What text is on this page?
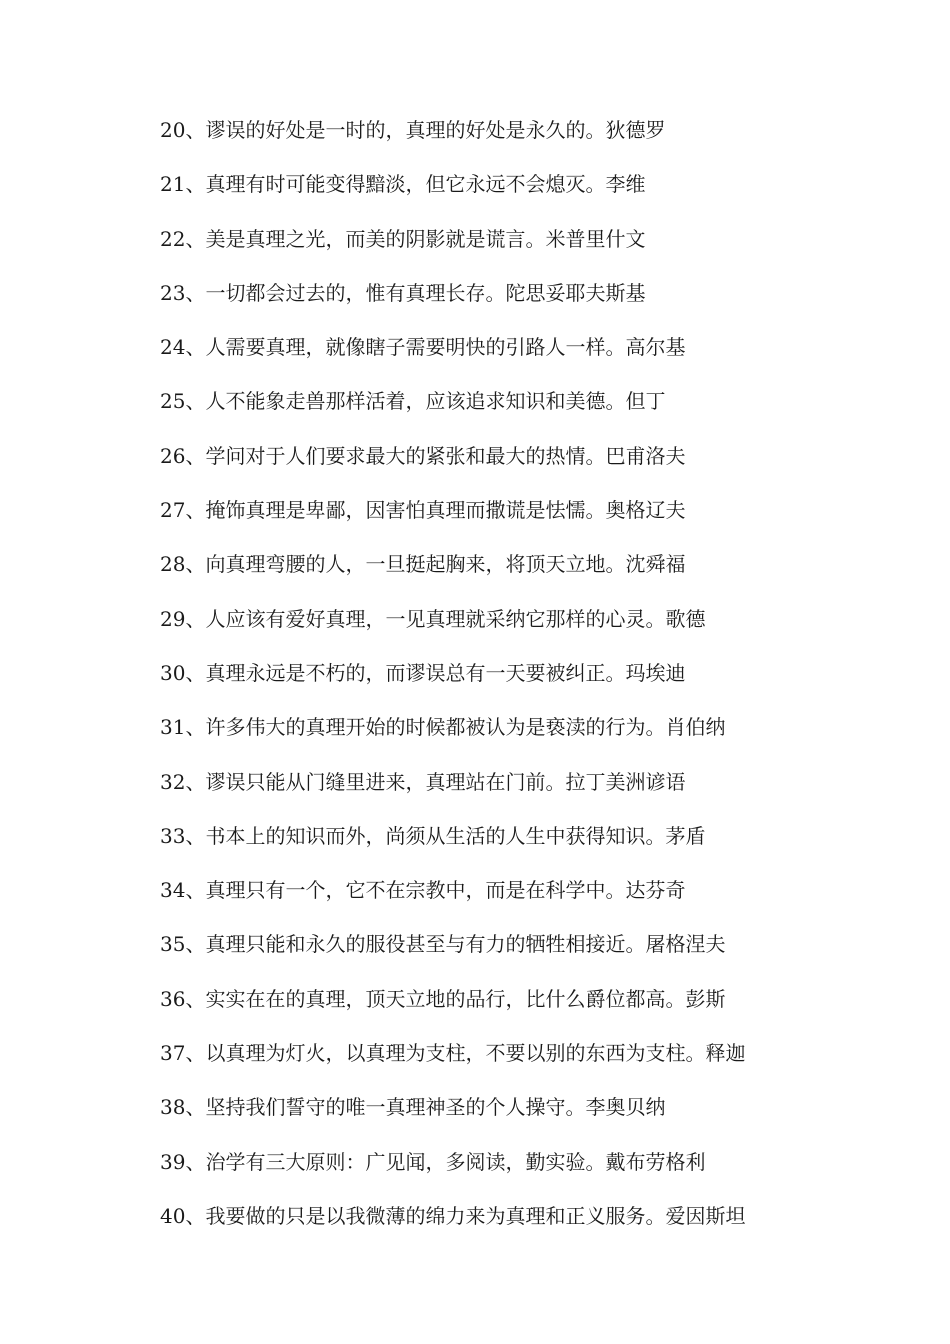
20、谬误的好处是一时的，真理的好处是永久的。狄德罗
21、真理有时可能变得黯淡，但它永远不会熄灭。李维
22、美是真理之光，而美的阴影就是谎言。米普里什文
23、一切都会过去的，惟有真理长存。陀思妥耶夫斯基
24、人需要真理，就像瞎子需要明快的引路人一样。高尔基
25、人不能象走兽那样活着，应该追求知识和美德。但丁
26、学问对于人们要求最大的紧张和最大的热情。巴甫洛夫
27、掩饰真理是卑鄙，因害怕真理而撒谎是怯懦。奥格辽夫
28、向真理弯腰的人，一旦挺起胸来，将顶天立地。沈舜福
29、人应该有爱好真理，一见真理就采纳它那样的心灵。歌德
30、真理永远是不朽的，而谬误总有一天要被纠正。玛埃迪
31、许多伟大的真理开始的时候都被认为是亵渎的行为。肖伯纳
32、谬误只能从门缝里进来，真理站在门前。拉丁美洲谚语
33、书本上的知识而外，尚须从生活的人生中获得知识。茅盾
34、真理只有一个，它不在宗教中，而是在科学中。达芬奇
35、真理只能和永久的服役甚至与有力的牺牲相接近。屠格涅夫
36、实实在在的真理，顶天立地的品行，比什么爵位都高。彭斯
37、以真理为灯火，以真理为支柱，不要以别的东西为支柱。释迦
38、坚持我们誓守的唯一真理神圣的个人操守。李奥贝纳
39、治学有三大原则：广见闻，多阅读，勤实验。戴布劳格利
40、我要做的只是以我微薄的绵力来为真理和正义服务。爱因斯坦
